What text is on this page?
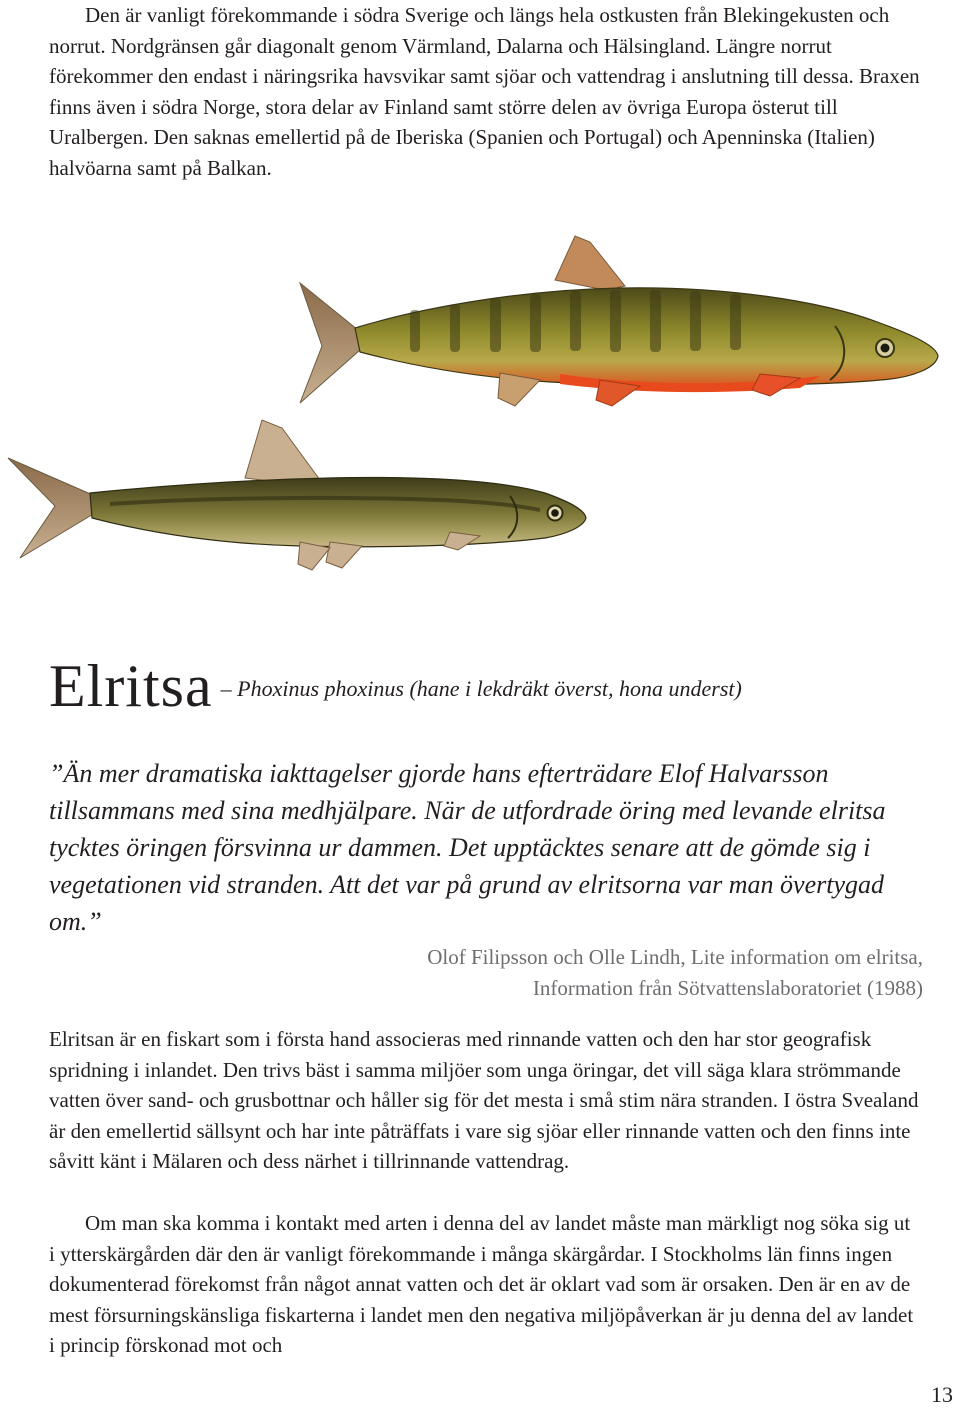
Den är vanligt förekommande i södra Sverige och längs hela ostkusten från Blekingekusten och norrut. Nordgränsen går diagonalt genom Värmland, Dalarna och Hälsingland. Längre norrut förekommer den endast i näringsrika havsvikar samt sjöar och vattendrag i anslutning till dessa. Braxen finns även i södra Norge, stora delar av Finland samt större delen av övriga Europa österut till Uralbergen. Den saknas emellertid på de Iberiska (Spanien och Portugal) och Apenninska (Italien) halvöarna samt på Balkan.

Elritsa – Phoxinus phoxinus (hane i lekdräkt överst, hona underst)

”Än mer dramatiska iakttagelser gjorde hans efterträdare Elof Halvarsson tillsammans med sina medhjälpare. När de utfordrade öring med levande elritsa tycktes öringen försvinna ur dammen. Det upptäcktes senare att de gömde sig i vegetationen vid stranden. Att det var på grund av elritsorna var man övertygad om.”

Olof Filipsson och Olle Lindh, Lite information om elritsa,
Information från Sötvattenslaboratoriet (1988)

Elritsan är en fiskart som i första hand associeras med rinnande vatten och den har stor geografisk spridning i inlandet. Den trivs bäst i samma miljöer som unga öringar, det vill säga klara strömmande vatten över sand- och grusbottnar och håller sig för det mesta i små stim nära stranden. I östra Svealand är den emellertid sällsynt och har inte påträffats i vare sig sjöar eller rinnande vatten och den finns inte såvitt känt i Mälaren och dess närhet i tillrinnande vattendrag.

Om man ska komma i kontakt med arten i denna del av landet måste man märkligt nog söka sig ut i ytterskärgården där den är vanligt förekommande i många skärgårdar. I Stockholms län finns ingen dokumenterad förekomst från något annat vatten och det är oklart vad som är orsaken. Den är en av de mest försurningskänsliga fiskarterna i landet men den negativa miljöpåverkan är ju denna del av landet i princip förskonad mot och

13
